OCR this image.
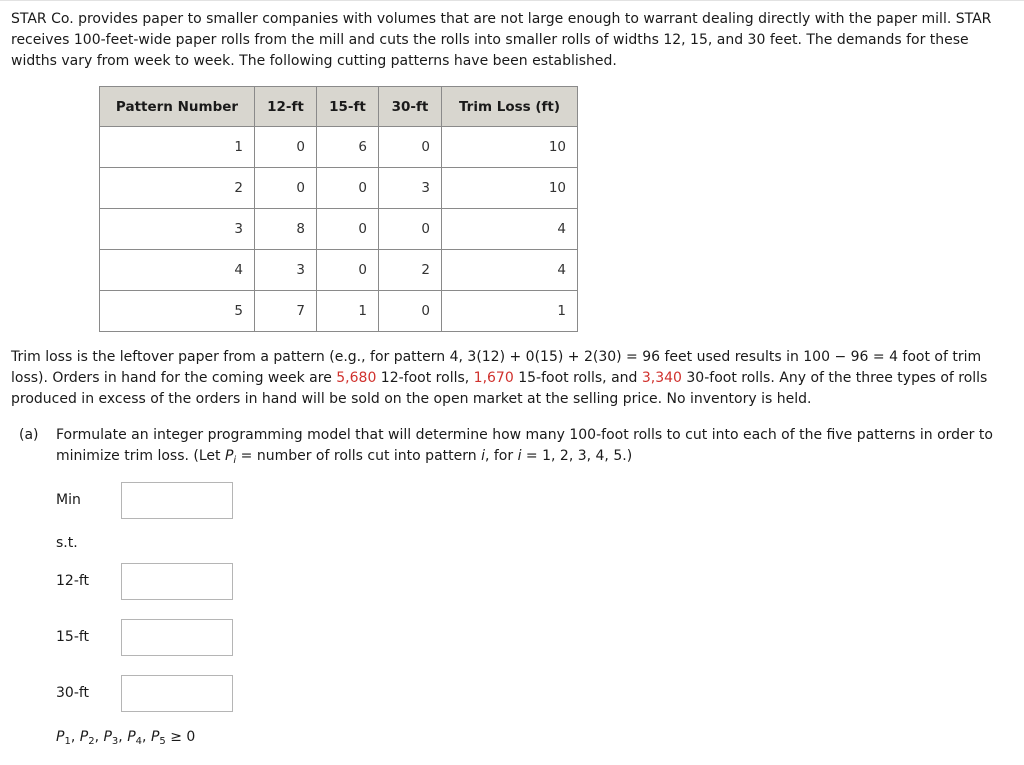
STAR Co. provides paper to smaller companies with volumes that are not large enough to warrant dealing directly with the paper mill. STAR receives 100-feet-wide paper rolls from the mill and cuts the rolls into smaller rolls of widths 12, 15, and 30 feet. The demands for these widths vary from week to week. The following cutting patterns have been established.

Pattern Number	12-ft	15-ft	30-ft	Trim Loss (ft)
1	0	6	0	10
2	0	0	3	10
3	8	0	0	4
4	3	0	2	4
5	7	1	0	1

Trim loss is the leftover paper from a pattern (e.g., for pattern 4, 3(12) + 0(15) + 2(30) = 96 feet used results in 100 − 96 = 4 foot of trim loss). Orders in hand for the coming week are 5,680 12-foot rolls, 1,670 15-foot rolls, and 3,340 30-foot rolls. Any of the three types of rolls produced in excess of the orders in hand will be sold on the open market at the selling price. No inventory is held.

(a) Formulate an integer programming model that will determine how many 100-foot rolls to cut into each of the five patterns in order to minimize trim loss. (Let $P_i$ = number of rolls cut into pattern i, for i = 1, 2, 3, 4, 5.)
Min
s.t.
12-ft
15-ft
30-ft
$P_1$, $P_2$, $P_3$, $P_4$, $P_5 \ge 0$
